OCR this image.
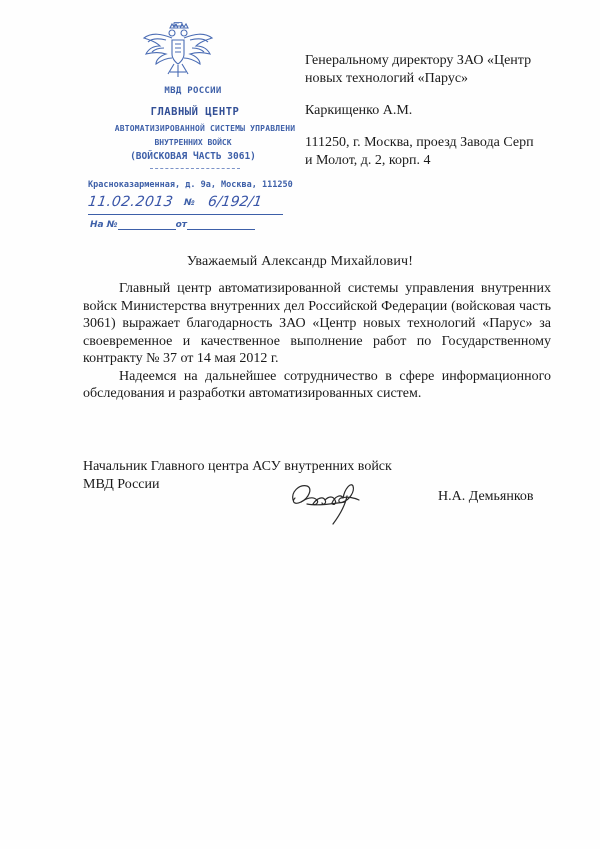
МВД РОССИИ
ГЛАВНЫЙ ЦЕНТР
АВТОМАТИЗИРОВАННОЙ СИСТЕМЫ УПРАВЛЕНИ
ВНУТРЕННИХ ВОЙСК
(ВОЙСКОВАЯ ЧАСТЬ 3061)
Красноказарменная, д. 9а, Москва, 111250
11.02.2013 № 6/192/1
На №	от

Генеральному директору ЗАО «Центр

новых технологий «Парус»

Каркищенко А.М.

111250, г. Москва, проезд Завода Серп

и Молот, д. 2, корп. 4

Уважаемый Александр Михайлович!

Главный центр автоматизированной системы управления внутренних войск Министерства внутренних дел Российской Федерации (войсковая часть 3061) выражает благодарность ЗАО «Центр новых технологий «Парус» за своевременное и качественное выполнение работ по Государственному контракту № 37 от 14 мая 2012 г.

Надеемся на дальнейшее сотрудничество в сфере информационного обследования и разработки автоматизированных систем.

Начальник Главного центра АСУ внутренних войск

МВД России

Н.А. Демьянков
